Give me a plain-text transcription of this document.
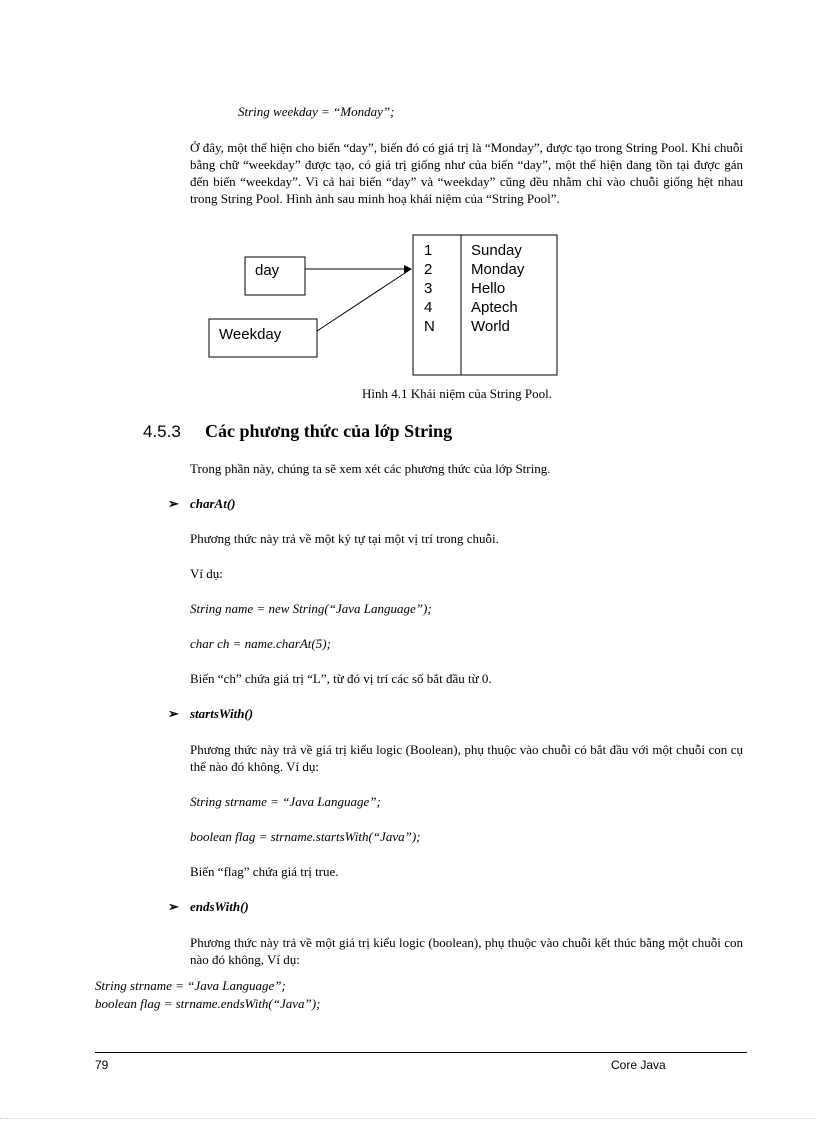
String weekday = “Monday”;
Ở đây, một thể hiện cho biến “day”, biến đó có giá trị là “Monday”, được tạo trong String Pool. Khi chuỗi bằng chữ “weekday” được tạo, có giá trị giống như của biến “day”, một thể hiện đang tồn tại được gán đến biến “weekday”. Vì cả hai biến “day” và “weekday” cũng đều nhằm chỉ vào chuỗi giống hệt nhau trong String Pool. Hình ảnh sau minh hoạ khái niệm của “String Pool”.
day
Weekday
1
2
3
4
N
Sunday
Monday
Hello
Aptech
World
Hình 4.1 Khái niệm của String Pool.
4.5.3 Các phương thức của lớp String
Trong phần này, chúng ta sẽ xem xét các phương thức của lớp String.
➢ charAt()
Phương thức này trả về một ký tự tại một vị trí trong chuỗi.
Ví dụ:
String name = new String(“Java Language”);
char ch = name.charAt(5);
Biến “ch” chứa giá trị “L”, từ đó vị trí các số bắt đầu từ 0.
➢ startsWith()
Phương thức này trả về giá trị kiểu logic (Boolean), phụ thuộc vào chuỗi có bắt đầu với một chuỗi con cụ thể nào đó không. Ví dụ:
String strname = “Java Language”;
boolean flag = strname.startsWith(“Java”);
Biến “flag” chứa giá trị true.
➢ endsWith()
Phương thức này trả về một giá trị kiểu logic (boolean), phụ thuộc vào chuỗi kết thúc bằng một chuỗi con nào đó không, Ví dụ:
String strname = “Java Language”;
boolean flag = strname.endsWith(“Java”);
79	Core Java
